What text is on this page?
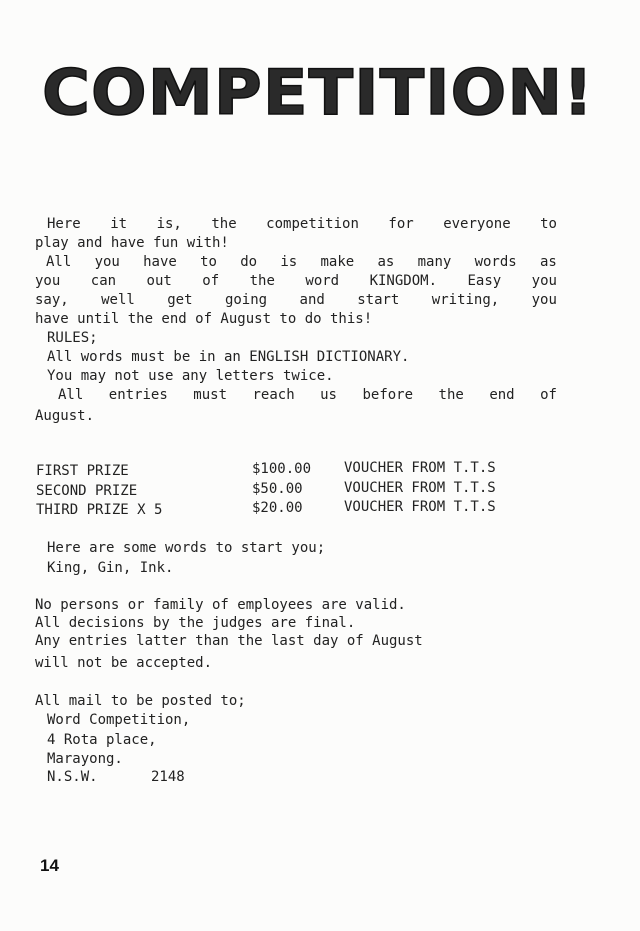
COMPETITION!
Here it is, the competition for everyone to
play and have fun with!
All you have to do is make as many words as
you can out of the word KINGDOM. Easy you
say, well get going and start writing, you
have until the end of August to do this!
RULES;
All words must be in an ENGLISH DICTIONARY.
You may not use any letters twice.
All entries must reach us before the end of
August.
FIRST PRIZE	$100.00 VOUCHER FROM T.T.S
SECOND PRIZE	$50.00	VOUCHER FROM T.T.S
THIRD PRIZE X 5	$20.00	VOUCHER FROM T.T.S
Here are some words to start you;
King, Gin, Ink.
No persons or family of employees are valid.
All decisions by the judges are final.
Any entries latter than the last day of August
will not be accepted.
All mail to be posted to;
Word Competition,
4 Rota place,
Marayong.
N.S.W.	2148
14
